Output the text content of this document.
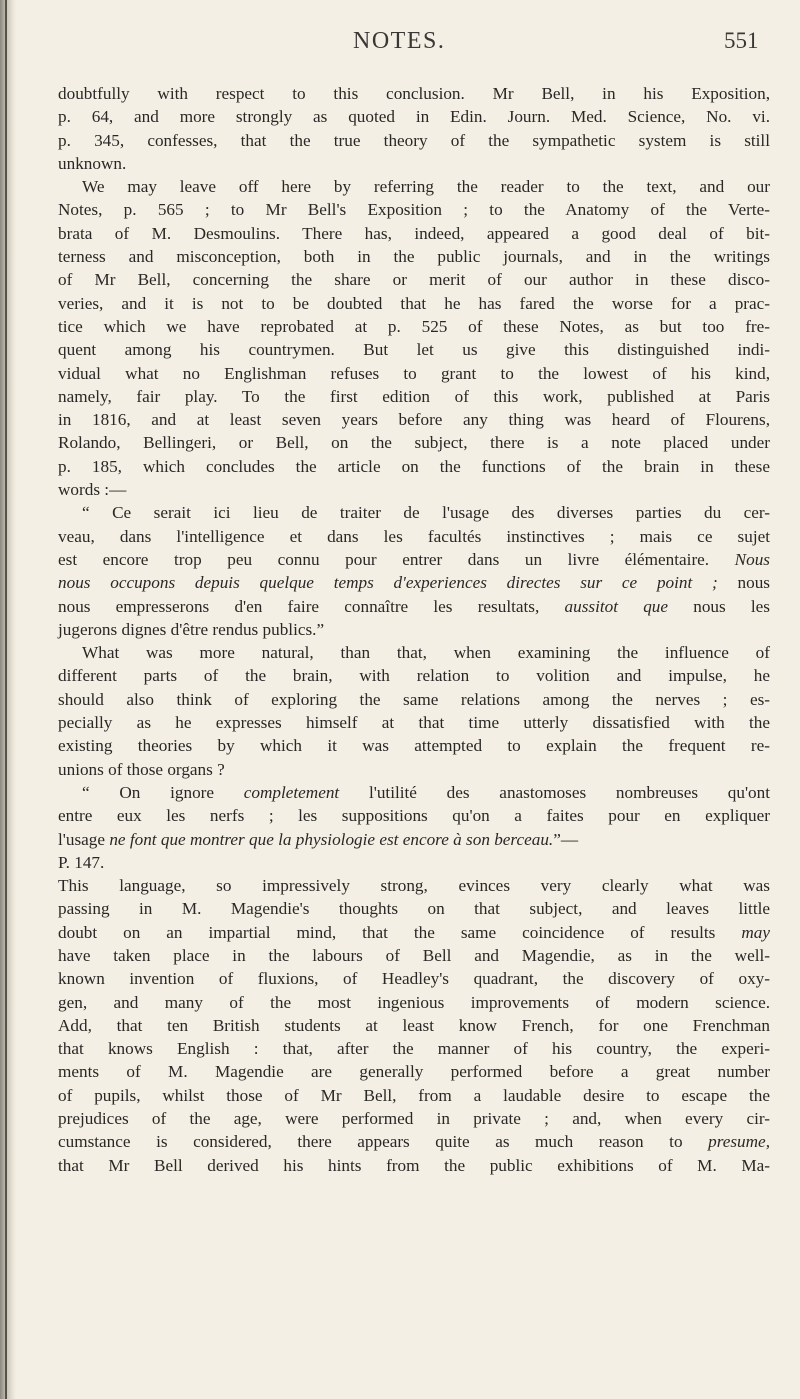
NOTES.	551
doubtfully with respect to this conclusion. Mr Bell, in his Exposition,
p. 64, and more strongly as quoted in Edin. Journ. Med. Science, No. vi.
p. 345, confesses, that the true theory of the sympathetic system is still
unknown.
We may leave off here by referring the reader to the text, and our
Notes, p. 565 ; to Mr Bell's Exposition ; to the Anatomy of the Verte-
brata of M. Desmoulins. There has, indeed, appeared a good deal of bit-
terness and misconception, both in the public journals, and in the writings
of Mr Bell, concerning the share or merit of our author in these disco-
veries, and it is not to be doubted that he has fared the worse for a prac-
tice which we have reprobated at p. 525 of these Notes, as but too fre-
quent among his countrymen. But let us give this distinguished indi-
vidual what no Englishman refuses to grant to the lowest of his kind,
namely, fair play. To the first edition of this work, published at Paris
in 1816, and at least seven years before any thing was heard of Flourens,
Rolando, Bellingeri, or Bell, on the subject, there is a note placed under
p. 185, which concludes the article on the functions of the brain in these
words :—
“ Ce serait ici lieu de traiter de l'usage des diverses parties du cer-
veau, dans l'intelligence et dans les facultés instinctives ; mais ce sujet
est encore trop peu connu pour entrer dans un livre élémentaire. Nous
nous occupons depuis quelque temps d'experiences directes sur ce point ; nous
nous empresserons d'en faire connaître les resultats, aussitot que nous les
jugerons dignes d'être rendus publics.”
What was more natural, than that, when examining the influence of
different parts of the brain, with relation to volition and impulse, he
should also think of exploring the same relations among the nerves ; es-
pecially as he expresses himself at that time utterly dissatisfied with the
existing theories by which it was attempted to explain the frequent re-
unions of those organs ?
“ On ignore completement l'utilité des anastomoses nombreuses qu'ont
entre eux les nerfs ; les suppositions qu'on a faites pour en expliquer
l'usage ne font que montrer que la physiologie est encore à son berceau.”—
P. 147.
This language, so impressively strong, evinces very clearly what was
passing in M. Magendie's thoughts on that subject, and leaves little
doubt on an impartial mind, that the same coincidence of results may
have taken place in the labours of Bell and Magendie, as in the well-
known invention of fluxions, of Headley's quadrant, the discovery of oxy-
gen, and many of the most ingenious improvements of modern science.
Add, that ten British students at least know French, for one Frenchman
that knows English : that, after the manner of his country, the experi-
ments of M. Magendie are generally performed before a great number
of pupils, whilst those of Mr Bell, from a laudable desire to escape the
prejudices of the age, were performed in private ; and, when every cir-
cumstance is considered, there appears quite as much reason to presume,
that Mr Bell derived his hints from the public exhibitions of M. Ma-
